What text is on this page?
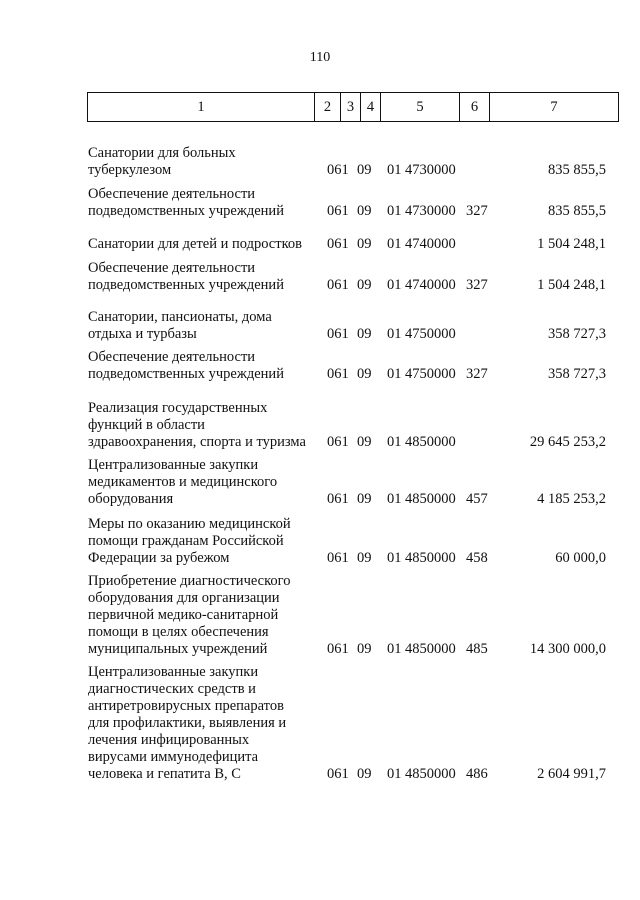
110
1	2	3 4	5	6	7
Санатории для больных
туберкулезом	061 09 01 4730000	835 855,5
Обеспечение деятельности
подведомственных учреждений	061 09 01 4730000 327	835 855,5
Санатории для детей и подростков	061 09 01 4740000	1 504 248,1
Обеспечение деятельности
подведомственных учреждений	061 09 01 4740000 327	1 504 248,1
Санатории, пансионаты, дома
отдыха и турбазы	061 09 01 4750000	358 727,3
Обеспечение деятельности
подведомственных учреждений	061 09 01 4750000 327	358 727,3
Реализация государственных
функций в области
здравоохранения, спорта и туризма	061 09 01 4850000	29 645 253,2
Централизованные закупки
медикаментов и медицинского
оборудования	061 09 01 4850000 457	4 185 253,2
Меры по оказанию медицинской
помощи гражданам Российской
Федерации за рубежом	061 09 01 4850000 458	60 000,0
Приобретение диагностического
оборудования для организации
первичной медико-санитарной
помощи в целях обеспечения
муниципальных учреждений	061 09 01 4850000 485	14 300 000,0
Централизованные закупки
диагностических средств и
антиретровирусных препаратов
для профилактики, выявления и
лечения инфицированных
вирусами иммунодефицита
человека и гепатита В, С	061 09 01 4850000 486	2 604 991,7
